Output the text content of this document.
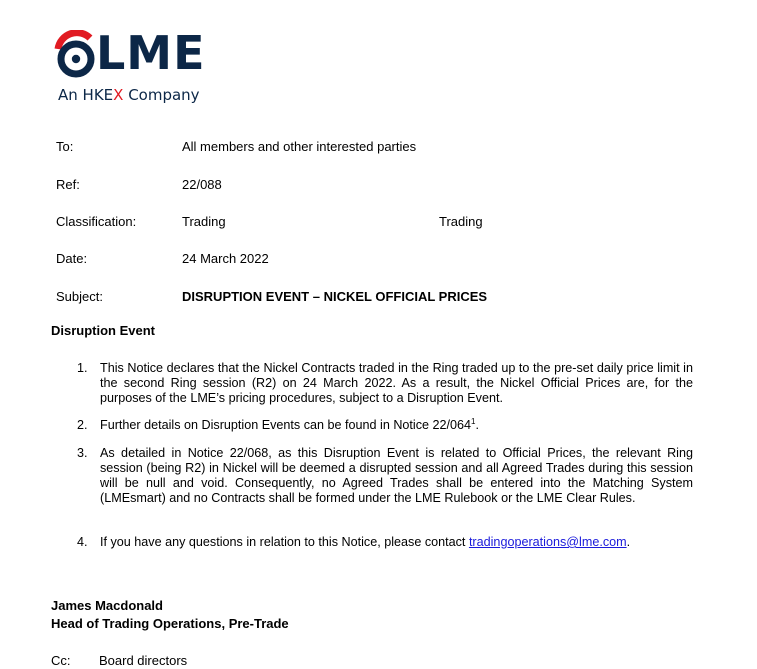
LME
An HKEX Company
To:	All members and other interested parties
Ref:	22/088
Classification:	Trading	Trading
Date:	24 March 2022
Subject:	DISRUPTION EVENT – NICKEL OFFICIAL PRICES
Disruption Event
1. This Notice declares that the Nickel Contracts traded in the Ring traded up to the pre-set daily price limit in the second Ring session (R2) on 24 March 2022. As a result, the Nickel Official Prices are, for the purposes of the LME’s pricing procedures, subject to a Disruption Event.
2. Further details on Disruption Events can be found in Notice $22/064^1$.
3. As detailed in Notice 22/068, as this Disruption Event is related to Official Prices, the relevant Ring session (being R2) in Nickel will be deemed a disrupted session and all Agreed Trades during this session will be null and void. Consequently, no Agreed Trades shall be entered into the Matching System (LMEsmart) and no Contracts shall be formed under the LME Rulebook or the LME Clear Rules.
4. If you have any questions in relation to this Notice, please contact tradingoperations@lme.com.
James Macdonald
Head of Trading Operations, Pre-Trade
Cc: Board directors
